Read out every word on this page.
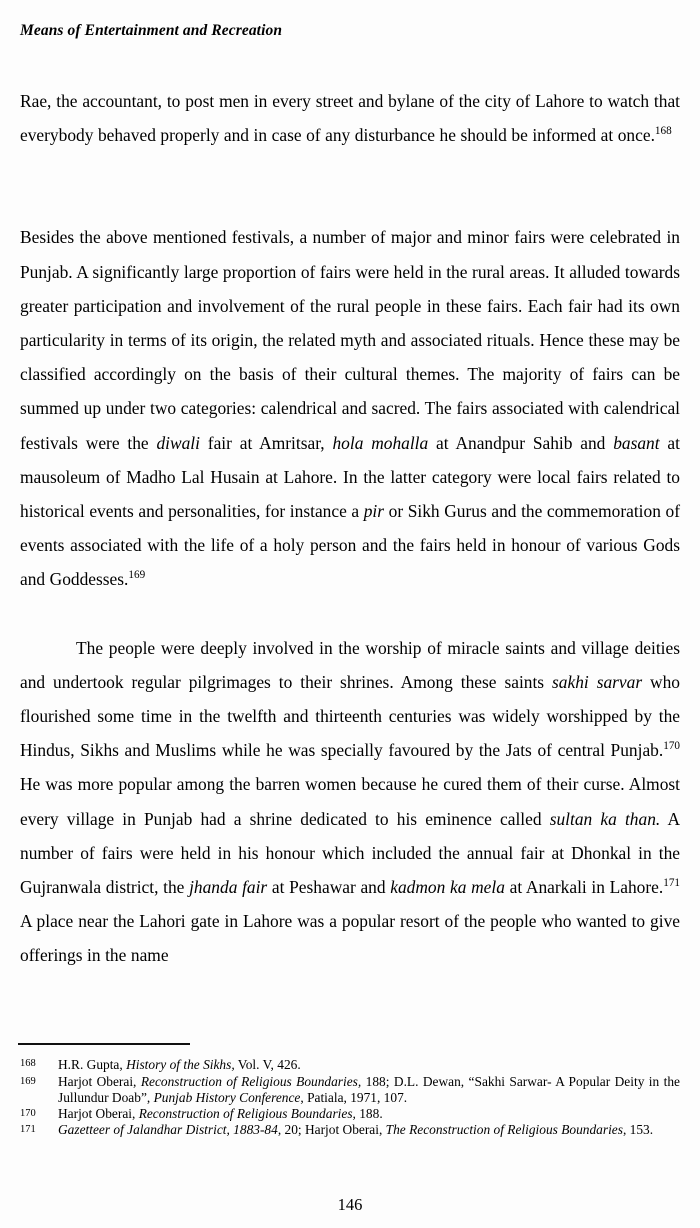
Means of Entertainment and Recreation

Rae, the accountant, to post men in every street and bylane of the city of Lahore to watch that everybody behaved properly and in case of any disturbance he should be informed at once.$^{168}$

Besides the above mentioned festivals, a number of major and minor fairs were celebrated in Punjab. A significantly large proportion of fairs were held in the rural areas. It alluded towards greater participation and involvement of the rural people in these fairs. Each fair had its own particularity in terms of its origin, the related myth and associated rituals. Hence these may be classified accordingly on the basis of their cultural themes. The majority of fairs can be summed up under two categories: calendrical and sacred. The fairs associated with calendrical festivals were the diwali fair at Amritsar, hola mohalla at Anandpur Sahib and basant at mausoleum of Madho Lal Husain at Lahore. In the latter category were local fairs related to historical events and personalities, for instance a pir or Sikh Gurus and the commemoration of events associated with the life of a holy person and the fairs held in honour of various Gods and Goddesses.$^{169}$

The people were deeply involved in the worship of miracle saints and village deities and undertook regular pilgrimages to their shrines. Among these saints sakhi sarvar who flourished some time in the twelfth and thirteenth centuries was widely worshipped by the Hindus, Sikhs and Muslims while he was specially favoured by the Jats of central Punjab.$^{170}$ He was more popular among the barren women because he cured them of their curse. Almost every village in Punjab had a shrine dedicated to his eminence called sultan ka than. A number of fairs were held in his honour which included the annual fair at Dhonkal in the Gujranwala district, the jhanda fair at Peshawar and kadmon ka mela at Anarkali in Lahore.$^{171}$ A place near the Lahori gate in Lahore was a popular resort of the people who wanted to give offerings in the name

168	H.R. Gupta, History of the Sikhs, Vol. V, 426.
169	Harjot Oberai, Reconstruction of Religious Boundaries, 188; D.L. Dewan, “Sakhi Sarwar- A Popular Deity in the Jullundur Doab”, Punjab History Conference, Patiala, 1971, 107.
170	Harjot Oberai, Reconstruction of Religious Boundaries, 188.
171	Gazetteer of Jalandhar District, 1883-84, 20; Harjot Oberai, The Reconstruction of Religious Boundaries, 153.
146
